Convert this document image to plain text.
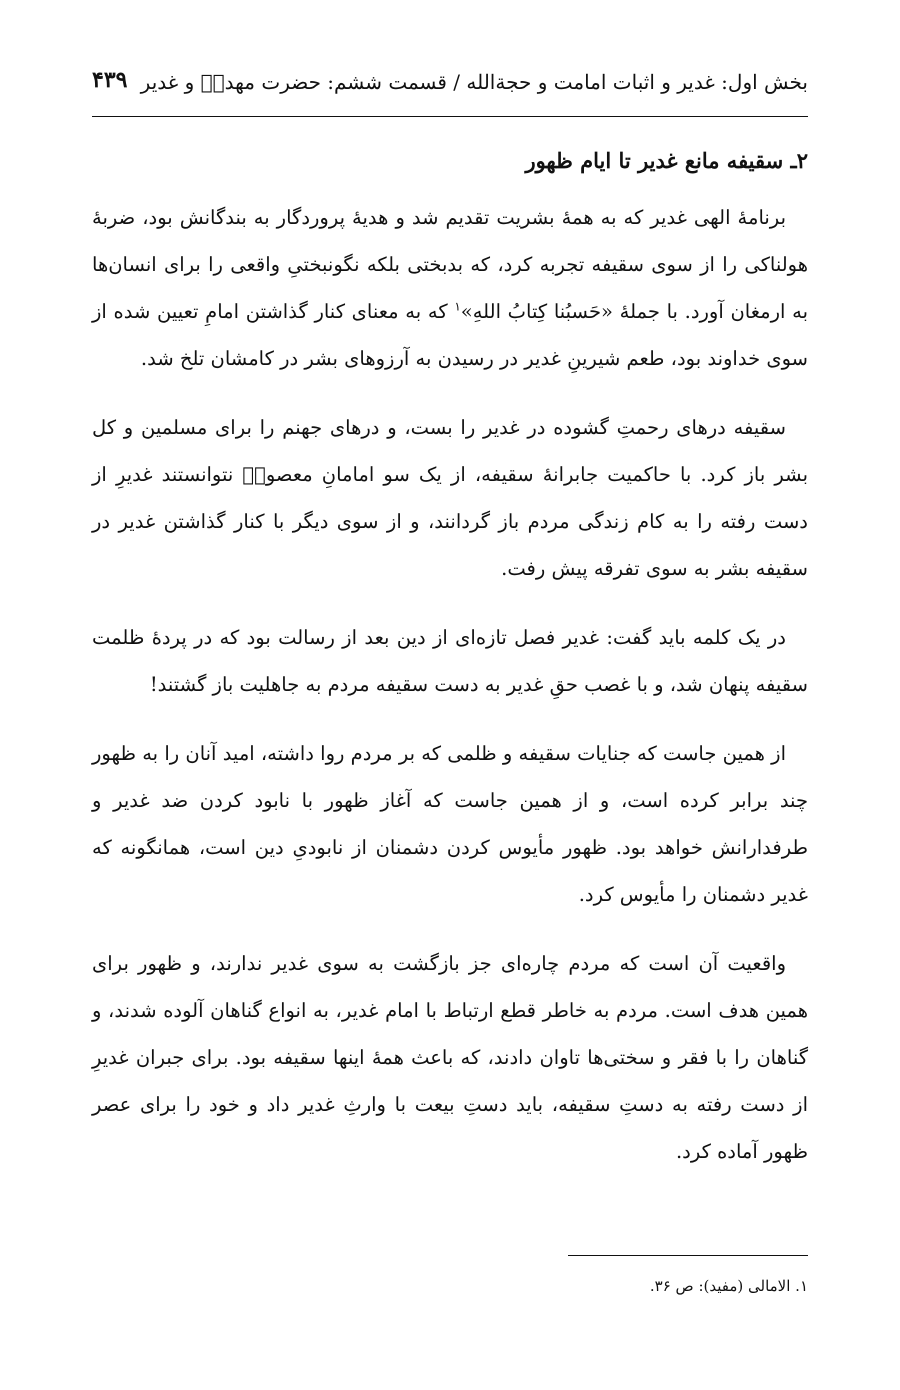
بخش اول: غدیر و اثبات امامت و حجةالله / قسمت ششم: حضرت مهدیؑ و غدیر
۴۳۹
۲ـ سقیفه مانع غدیر تا ایام ظهور

برنامهٔ الهی غدیر که به همهٔ بشریت تقدیم شد و هدیهٔ پروردگار به بندگانش بود، ضربهٔ هولناکی را از سوی سقیفه تجربه کرد، که بدبختی بلکه نگونبختیِ واقعی را برای انسان‌ها به ارمغان آورد. با جملهٔ «حَسبُنا کِتابُ اللهِ»$^۱$ که به معنای کنار گذاشتن امامِ تعیین شده از سوی خداوند بود، طعم شیرینِ غدیر در رسیدن به آرزوهای بشر در کامشان تلخ شد.

سقیفه درهای رحمتِ گشوده در غدیر را بست، و درهای جهنم را برای مسلمین و کل بشر باز کرد. با حاکمیت جابرانهٔ سقیفه، از یک سو امامانِ معصومؑ نتوانستند غدیرِ از دست رفته را به کام زندگی مردم باز گردانند، و از سوی دیگر با کنار گذاشتن غدیر در سقیفه بشر به سوی تفرقه پیش رفت.

در یک کلمه باید گفت: غدیر فصل تازه‌ای از دین بعد از رسالت بود که در پردهٔ ظلمت سقیفه پنهان شد، و با غصب حقِ غدیر به دست سقیفه مردم به جاهلیت باز گشتند!

از همین جاست که جنایات سقیفه و ظلمی که بر مردم روا داشته، امید آنان را به ظهور چند برابر کرده است، و از همین جاست که آغاز ظهور با نابود کردن ضد غدیر و طرفدارانش خواهد بود. ظهور مأیوس کردن دشمنان از نابودیِ دین است، همانگونه که غدیر دشمنان را مأیوس کرد.

واقعیت آن است که مردم چاره‌ای جز بازگشت به سوی غدیر ندارند، و ظهور برای همین هدف است. مردم به خاطر قطع ارتباط با امام غدیر، به انواع گناهان آلوده شدند، و گناهان را با فقر و سختی‌ها تاوان دادند، که باعث همهٔ اینها سقیفه بود. برای جبران غدیرِ از دست رفته به دستِ سقیفه، باید دستِ بیعت با وارثِ غدیر داد و خود را برای عصر ظهور آماده کرد.

۱. الامالی (مفید): ص ۳۶.
